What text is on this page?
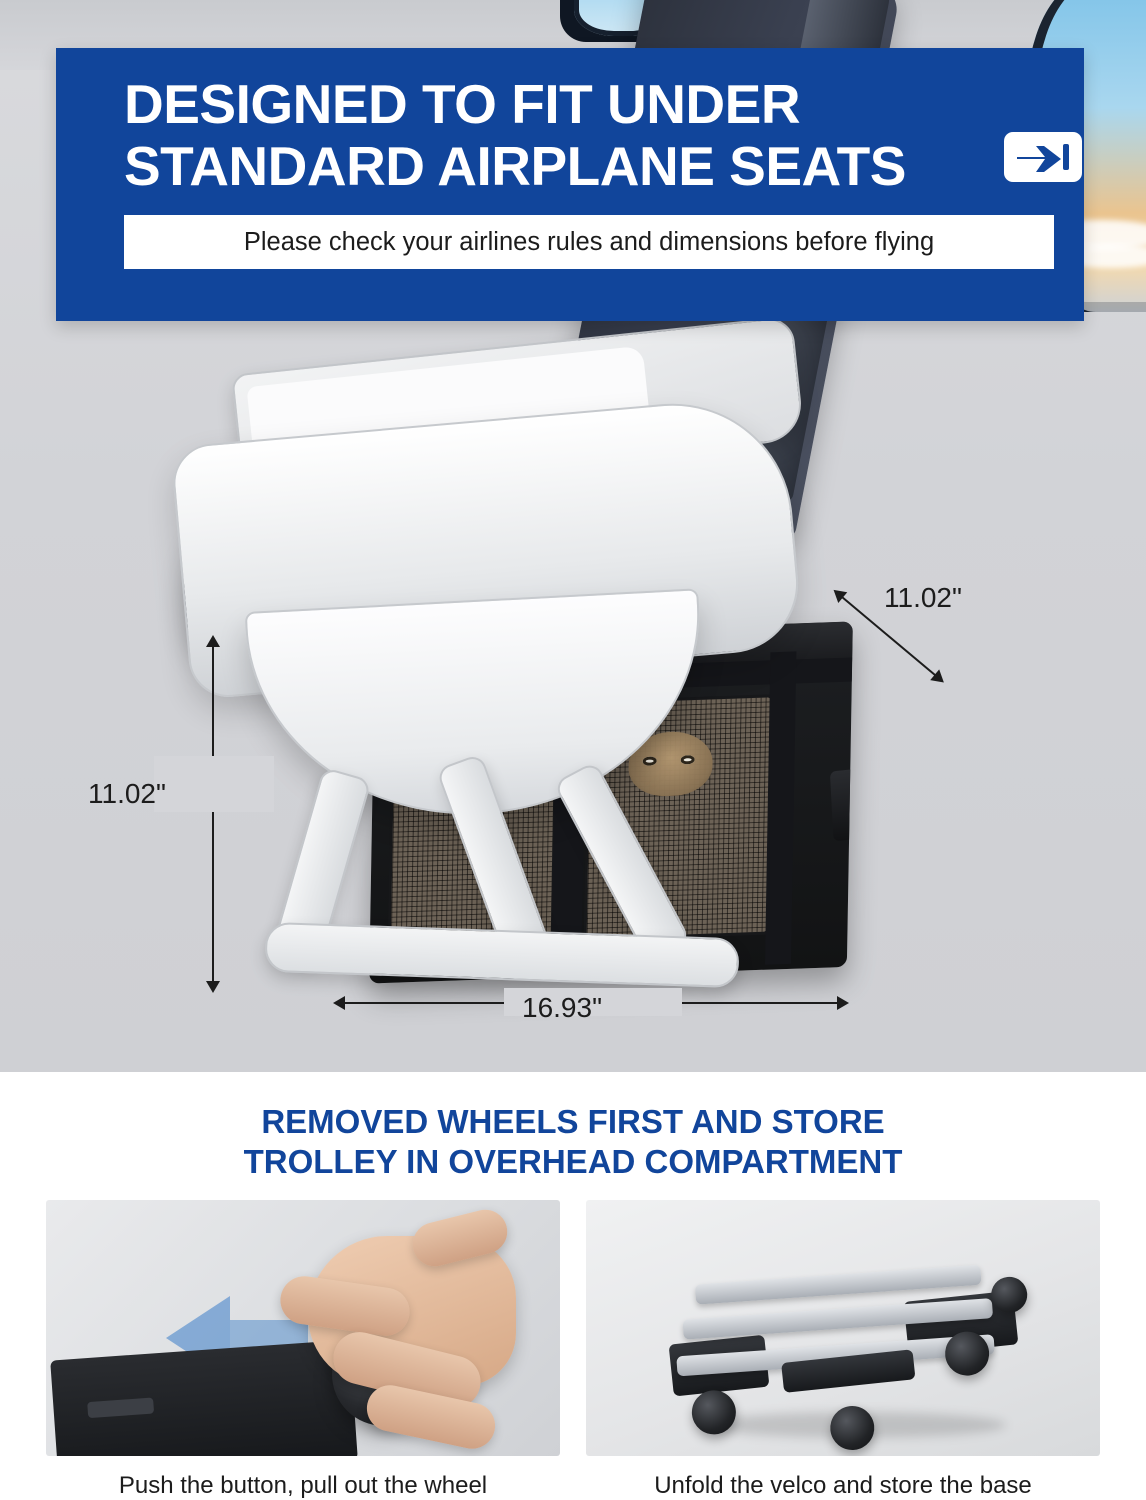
11.02"
11.02"
16.93"
DESIGNED TO FIT UNDER
STANDARD AIRPLANE SEATS
Please check your airlines rules and dimensions before flying
REMOVED WHEELS FIRST AND STORE
TROLLEY IN OVERHEAD COMPARTMENT
Push the button, pull out the wheel	Unfold the velco and store the base
